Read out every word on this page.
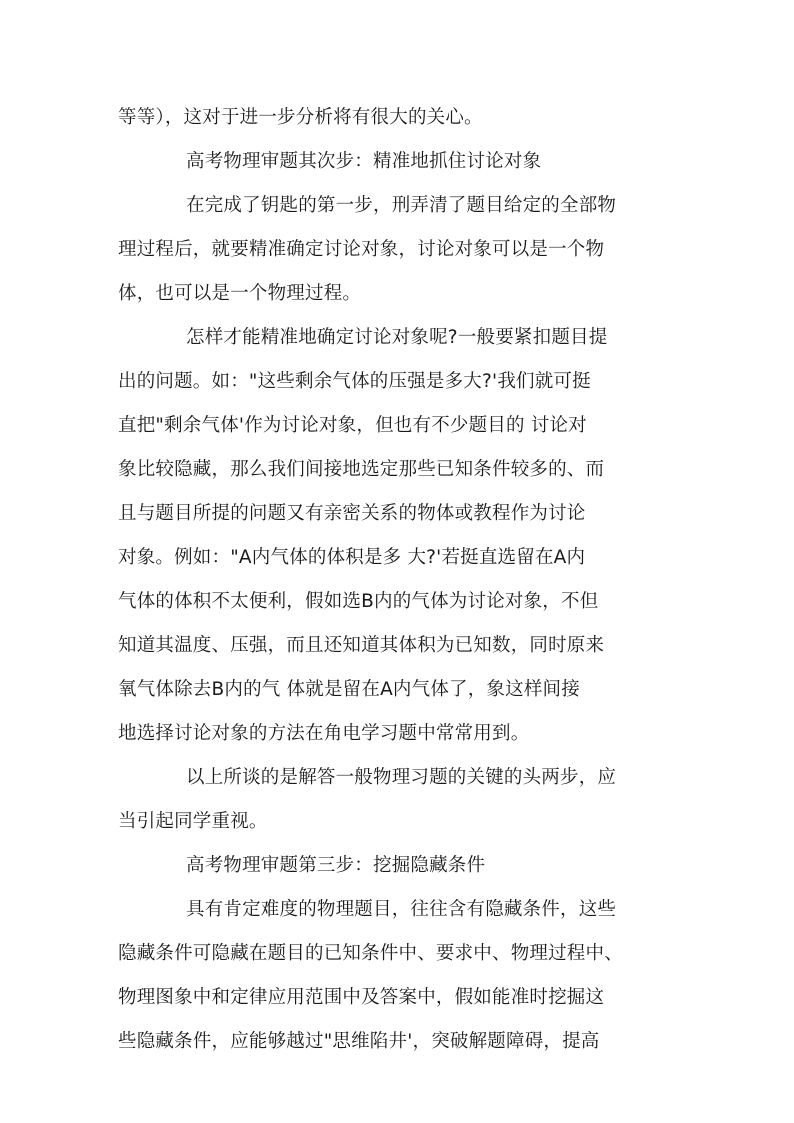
等等），这对于进一步分析将有很大的关心。
高考物理审题其次步：精准地抓住讨论对象
在完成了钥匙的第一步，刑弄清了题目给定的全部物
理过程后，就要精准确定讨论对象，讨论对象可以是一个物
体，也可以是一个物理过程。
怎样才能精准地确定讨论对象呢?一般要紧扣题目提
出的问题。如："这些剩余气体的压强是多大?'我们就可挺
直把"剩余气体'作为讨论对象，但也有不少题目的 讨论对
象比较隐藏，那么我们间接地选定那些已知条件较多的、而
且与题目所提的问题又有亲密关系的物体或教程作为讨论
对象。例如："A内气体的体积是多 大?'若挺直选留在A内
气体的体积不太便利，假如选B内的气体为讨论对象，不但
知道其温度、压强，而且还知道其体积为已知数，同时原来
氧气体除去B内的气 体就是留在A内气体了，象这样间接
地选择讨论对象的方法在角电学习题中常常用到。
以上所谈的是解答一般物理习题的关键的头两步，应
当引起同学重视。
高考物理审题第三步：挖掘隐藏条件
具有肯定难度的物理题目，往往含有隐藏条件，这些
隐藏条件可隐藏在题目的已知条件中、要求中、物理过程中、
物理图象中和定律应用范围中及答案中，假如能准时挖掘这
些隐藏条件，应能够越过"思维陷井'，突破解题障碍，提高
